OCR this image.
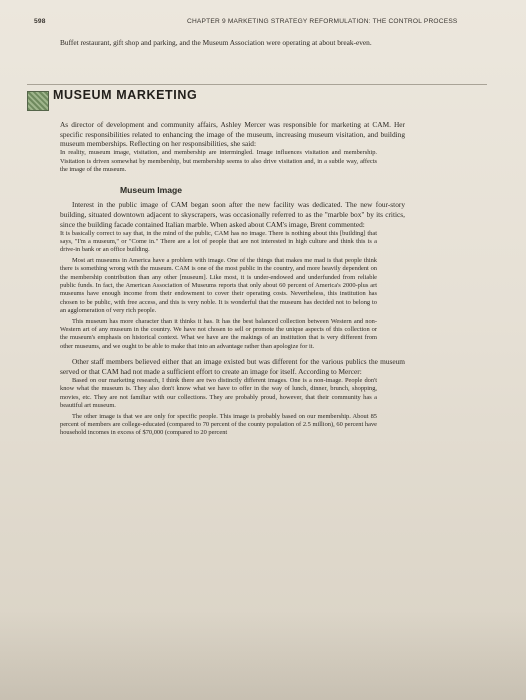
598	CHAPTER 9 MARKETING STRATEGY REFORMULATION: THE CONTROL PROCESS

Buffet restaurant, gift shop and parking, and the Museum Association were operating at about break-even.

MUSEUM MARKETING

As director of development and community affairs, Ashley Mercer was responsible for marketing at CAM. Her specific responsibilities related to enhancing the image of the museum, increasing museum visitation, and building museum memberships. Reflecting on her responsibilities, she said:

In reality, museum image, visitation, and membership are intermingled. Image influences visitation and membership. Visitation is driven somewhat by membership, but membership seems to also drive visitation and, in a subtle way, affects the image of the museum.

Museum Image

Interest in the public image of CAM began soon after the new facility was dedicated. The new four-story building, situated downtown adjacent to skyscrapers, was occasionally referred to as the "marble box" by its critics, since the building facade contained Italian marble. When asked about CAM's image, Brent commented:

It is basically correct to say that, in the mind of the public, CAM has no image. There is nothing about this [building] that says, "I'm a museum," or "Come in." There are a lot of people that are not interested in high culture and think this is a drive-in bank or an office building.

Most art museums in America have a problem with image. One of the things that makes me mad is that people think there is something wrong with the museum. CAM is one of the most public in the country, and more heavily dependent on the membership contribution than any other [museum]. Like most, it is under-endowed and underfunded from reliable public funds. In fact, the American Association of Museums reports that only about 60 percent of America's 2000-plus art museums have enough income from their endowment to cover their operating costs. Nevertheless, this institution has chosen to be public, with free access, and this is very noble. It is wonderful that the museum has decided not to belong to an agglomeration of very rich people.

This museum has more character than it thinks it has. It has the best balanced collection between Western and non-Western art of any museum in the country. We have not chosen to sell or promote the unique aspects of this collection or the museum's emphasis on historical context. What we have are the makings of an institution that is very different from other museums, and we ought to be able to make that into an advantage rather than apologize for it.

Other staff members believed either that an image existed but was different for the various publics the museum served or that CAM had not made a sufficient effort to create an image for itself. According to Mercer:

Based on our marketing research, I think there are two distinctly different images. One is a non-image. People don't know what the museum is. They also don't know what we have to offer in the way of lunch, dinner, brunch, shopping, movies, etc. They are not familiar with our collections. They are probably proud, however, that their community has a beautiful art museum.

The other image is that we are only for specific people. This image is probably based on our membership. About 85 percent of members are college-educated (compared to 70 percent of the county population of 2.5 million), 60 percent have household incomes in excess of $70,000 (compared to 20 percent
